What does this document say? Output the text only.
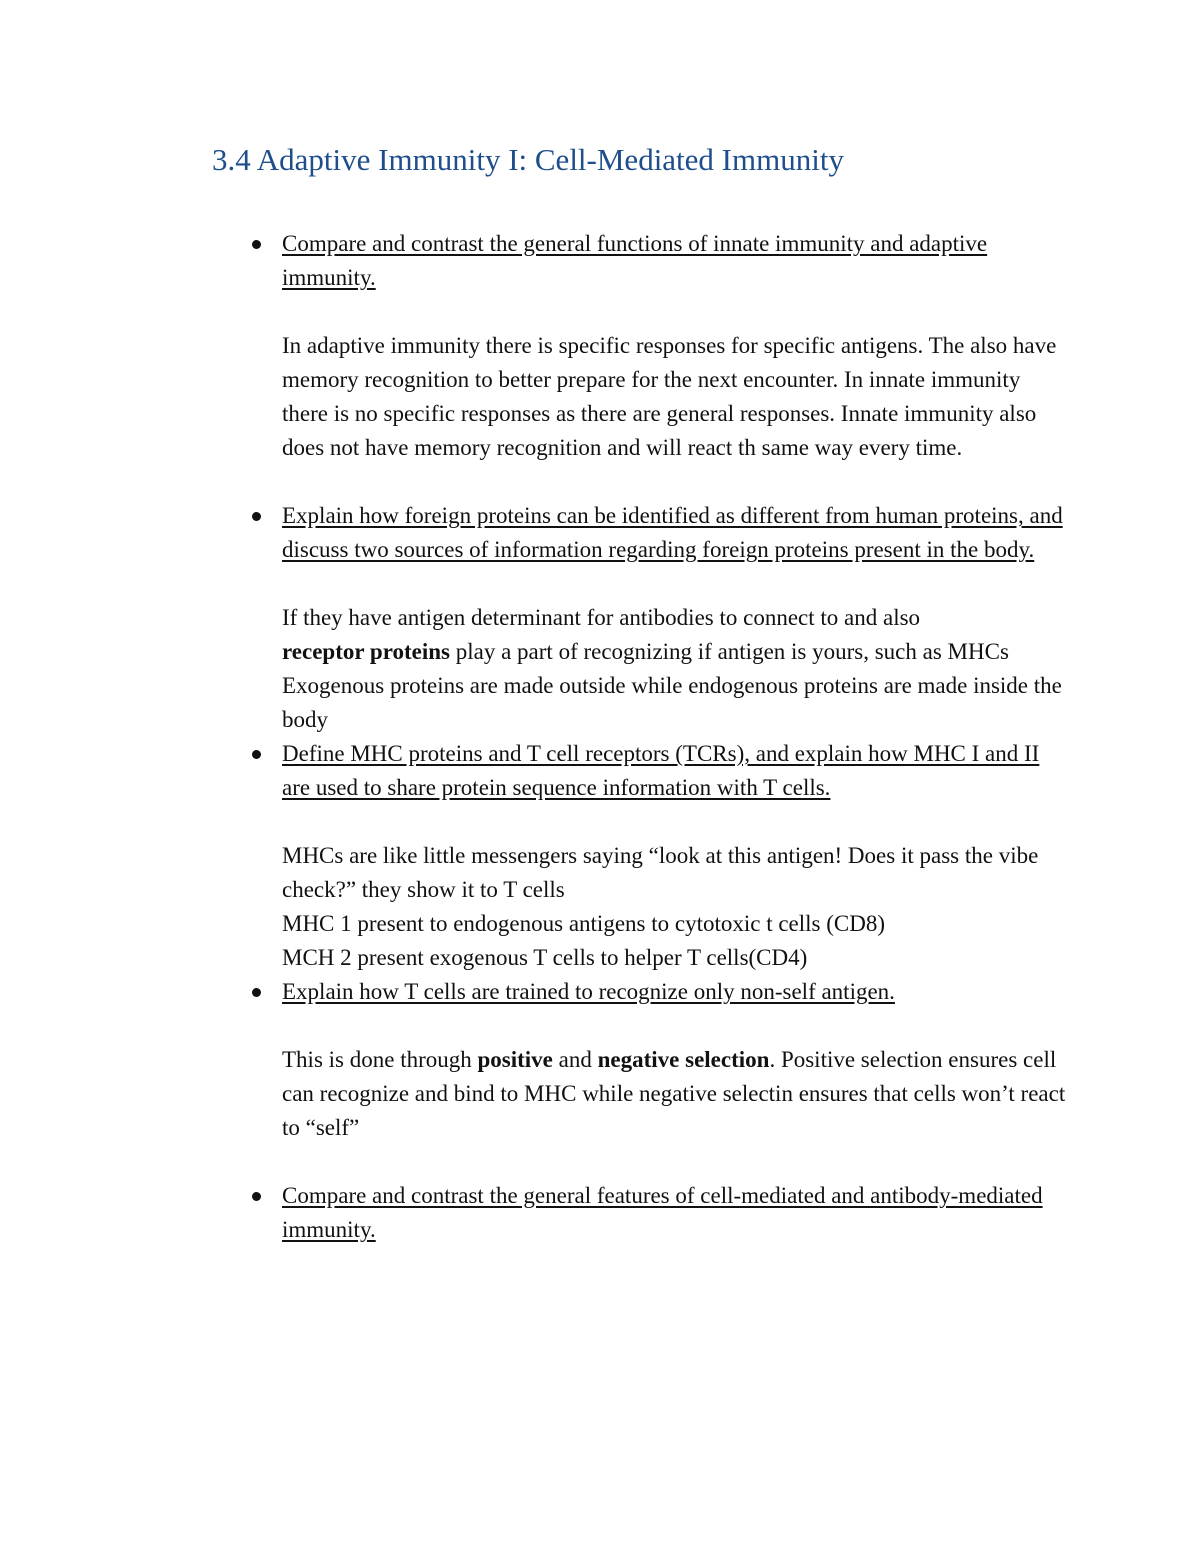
3.4 Adaptive Immunity I: Cell-Mediated Immunity

Compare and contrast the general functions of innate immunity and adaptive immunity.

In adaptive immunity there is specific responses for specific antigens. The also have memory recognition to better prepare for the next encounter. In innate immunity there is no specific responses as there are general responses. Innate immunity also does not have memory recognition and will react th same way every time.

Explain how foreign proteins can be identified as different from human proteins, and discuss two sources of information regarding foreign proteins present in the body.

If they have antigen determinant for antibodies to connect to and also
receptor proteins play a part of recognizing if antigen is yours, such as MHCs

Exogenous proteins are made outside while endogenous proteins are made inside the body

Define MHC proteins and T cell receptors (TCRs), and explain how MHC I and II are used to share protein sequence information with T cells.

MHCs are like little messengers saying “look at this antigen! Does it pass the vibe check?” they show it to T cells

MHC 1 present to endogenous antigens to cytotoxic t cells (CD8)

MCH 2 present exogenous T cells to helper T cells(CD4)

Explain how T cells are trained to recognize only non-self antigen.

This is done through positive and negative selection. Positive selection ensures cell can recognize and bind to MHC while negative selectin ensures that cells won’t react to “self”

Compare and contrast the general features of cell-mediated and antibody-mediated immunity.
